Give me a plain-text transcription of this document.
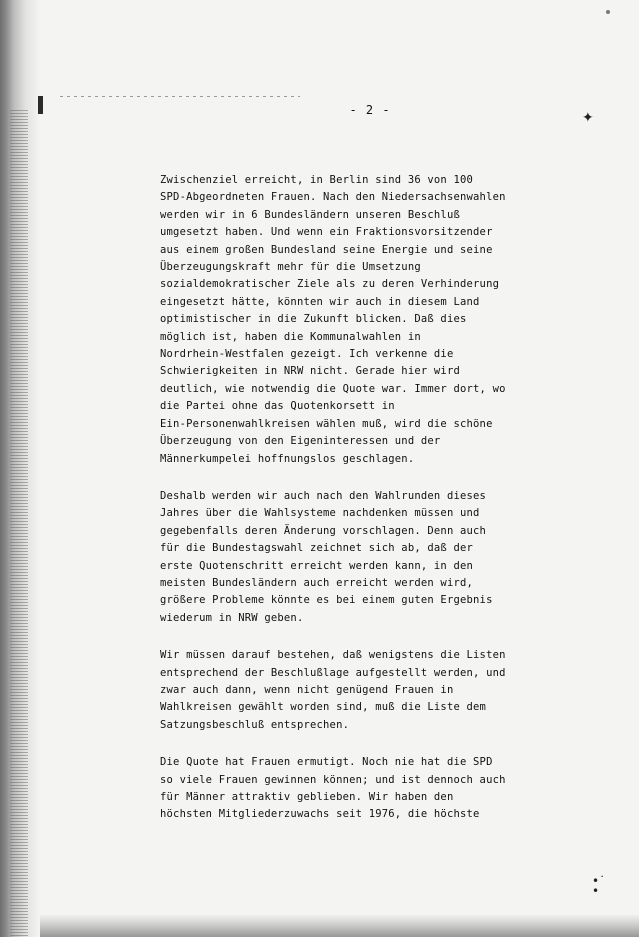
✦
- 2 -
Zwischenziel erreicht, in Berlin sind 36 von 100
SPD-Abgeordneten Frauen. Nach den Niedersachsenwahlen
werden wir in 6 Bundesländern unseren Beschluß
umgesetzt haben. Und wenn ein Fraktionsvorsitzender
aus einem großen Bundesland seine Energie und seine
Überzeugungskraft mehr für die Umsetzung
sozialdemokratischer Ziele als zu deren Verhinderung
eingesetzt hätte, könnten wir auch in diesem Land
optimistischer in die Zukunft blicken. Daß dies
möglich ist, haben die Kommunalwahlen in
Nordrhein-Westfalen gezeigt. Ich verkenne die
Schwierigkeiten in NRW nicht. Gerade hier wird
deutlich, wie notwendig die Quote war. Immer dort, wo
die Partei ohne das Quotenkorsett in
Ein-Personenwahlkreisen wählen muß, wird die schöne
Überzeugung von den Eigeninteressen und der
Männerkumpelei hoffnungslos geschlagen.
Deshalb werden wir auch nach den Wahlrunden dieses
Jahres über die Wahlsysteme nachdenken müssen und
gegebenfalls deren Änderung vorschlagen. Denn auch
für die Bundestagswahl zeichnet sich ab, daß der
erste Quotenschritt erreicht werden kann, in den
meisten Bundesländern auch erreicht werden wird,
größere Probleme könnte es bei einem guten Ergebnis
wiederum in NRW geben.
Wir müssen darauf bestehen, daß wenigstens die Listen
entsprechend der Beschlußlage aufgestellt werden, und
zwar auch dann, wenn nicht genügend Frauen in
Wahlkreisen gewählt worden sind, muß die Liste dem
Satzungsbeschluß entsprechen.
Die Quote hat Frauen ermutigt. Noch nie hat die SPD
so viele Frauen gewinnen können; und ist dennoch auch
für Männer attraktiv geblieben. Wir haben den
höchsten Mitgliederzuwachs seit 1976, die höchste
•˙
•
